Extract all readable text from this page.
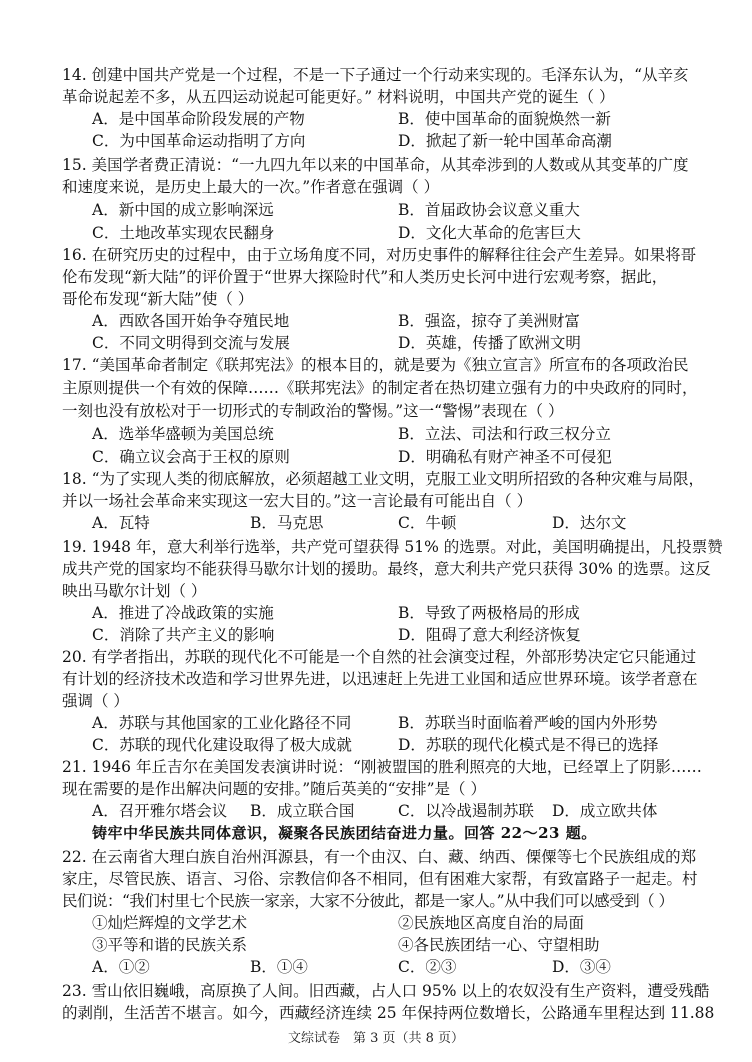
14. 创建中国共产党是一个过程，不是一下子通过一个行动来实现的。毛泽东认为，“从辛亥
革命说起差不多，从五四运动说起可能更好。” 材料说明，中国共产党的诞生（ ）
A．是中国革命阶段发展的产物	B．使中国革命的面貌焕然一新
C．为中国革命运动指明了方向	D．掀起了新一轮中国革命高潮
15. 美国学者费正清说：“一九四九年以来的中国革命，从其牵涉到的人数或从其变革的广度
和速度来说，是历史上最大的一次。”作者意在强调（ ）
A．新中国的成立影响深远	B．首届政协会议意义重大
C．土地改革实现农民翻身	D．文化大革命的危害巨大
16. 在研究历史的过程中，由于立场角度不同，对历史事件的解释往往会产生差异。如果将哥
伦布发现“新大陆”的评价置于“世界大探险时代”和人类历史长河中进行宏观考察，据此，
哥伦布发现“新大陆”使（ ）
A．西欧各国开始争夺殖民地	B．强盗，掠夺了美洲财富
C．不同文明得到交流与发展	D．英雄，传播了欧洲文明
17. “美国革命者制定《联邦宪法》的根本目的，就是要为《独立宣言》所宣布的各项政治民
主原则提供一个有效的保障……《联邦宪法》的制定者在热切建立强有力的中央政府的同时，
一刻也没有放松对于一切形式的专制政治的警惕。”这一“警惕”表现在（ ）
A．选举华盛顿为美国总统	B．立法、司法和行政三权分立
C．确立议会高于王权的原则	D．明确私有财产神圣不可侵犯
18. “为了实现人类的彻底解放，必须超越工业文明，克服工业文明所招致的各种灾难与局限，
并以一场社会革命来实现这一宏大目的。”这一言论最有可能出自（ ）
A．瓦特	B．马克思	C．牛顿	D．达尔文
19. 1948 年，意大利举行选举，共产党可望获得 51% 的选票。对此，美国明确提出，凡投票赞
成共产党的国家均不能获得马歇尔计划的援助。最终，意大利共产党只获得 30% 的选票。这反
映出马歇尔计划（ ）
A．推进了冷战政策的实施	B．导致了两极格局的形成
C．消除了共产主义的影响	D．阻碍了意大利经济恢复
20. 有学者指出，苏联的现代化不可能是一个自然的社会演变过程，外部形势决定它只能通过
有计划的经济技术改造和学习世界先进，以迅速赶上先进工业国和适应世界环境。该学者意在
强调（ ）
A．苏联与其他国家的工业化路径不同	B．苏联当时面临着严峻的国内外形势
C．苏联的现代化建设取得了极大成就	D．苏联的现代化模式是不得已的选择
21. 1946 年丘吉尔在美国发表演讲时说：“刚被盟国的胜利照亮的大地，已经罩上了阴影……
现在需要的是作出解决问题的安排。”随后英美的“安排”是（ ）
A．召开雅尔塔会议 B．成立联合国	C．以冷战遏制苏联 D．成立欧共体
铸牢中华民族共同体意识，凝聚各民族团结奋进力量。回答 22～23 题。
22. 在云南省大理白族自治州洱源县，有一个由汉、白、藏、纳西、傈僳等七个民族组成的郑
家庄，尽管民族、语言、习俗、宗教信仰各不相同，但有困难大家帮，有致富路子一起走。村
民们说：“我们村里七个民族一家亲，大家不分彼此，都是一家人。”从中我们可以感受到（ ）
①灿烂辉煌的文学艺术	②民族地区高度自治的局面
③平等和谐的民族关系	④各民族团结一心、守望相助
A．①②	B．①④	C．②③	D．③④
23. 雪山依旧巍峨，高原换了人间。旧西藏，占人口 95% 以上的农奴没有生产资料，遭受残酷
的剥削，生活苦不堪言。如今，西藏经济连续 25 年保持两位数增长，公路通车里程达到 11.88
文综试卷　第 3 页（共 8 页）
